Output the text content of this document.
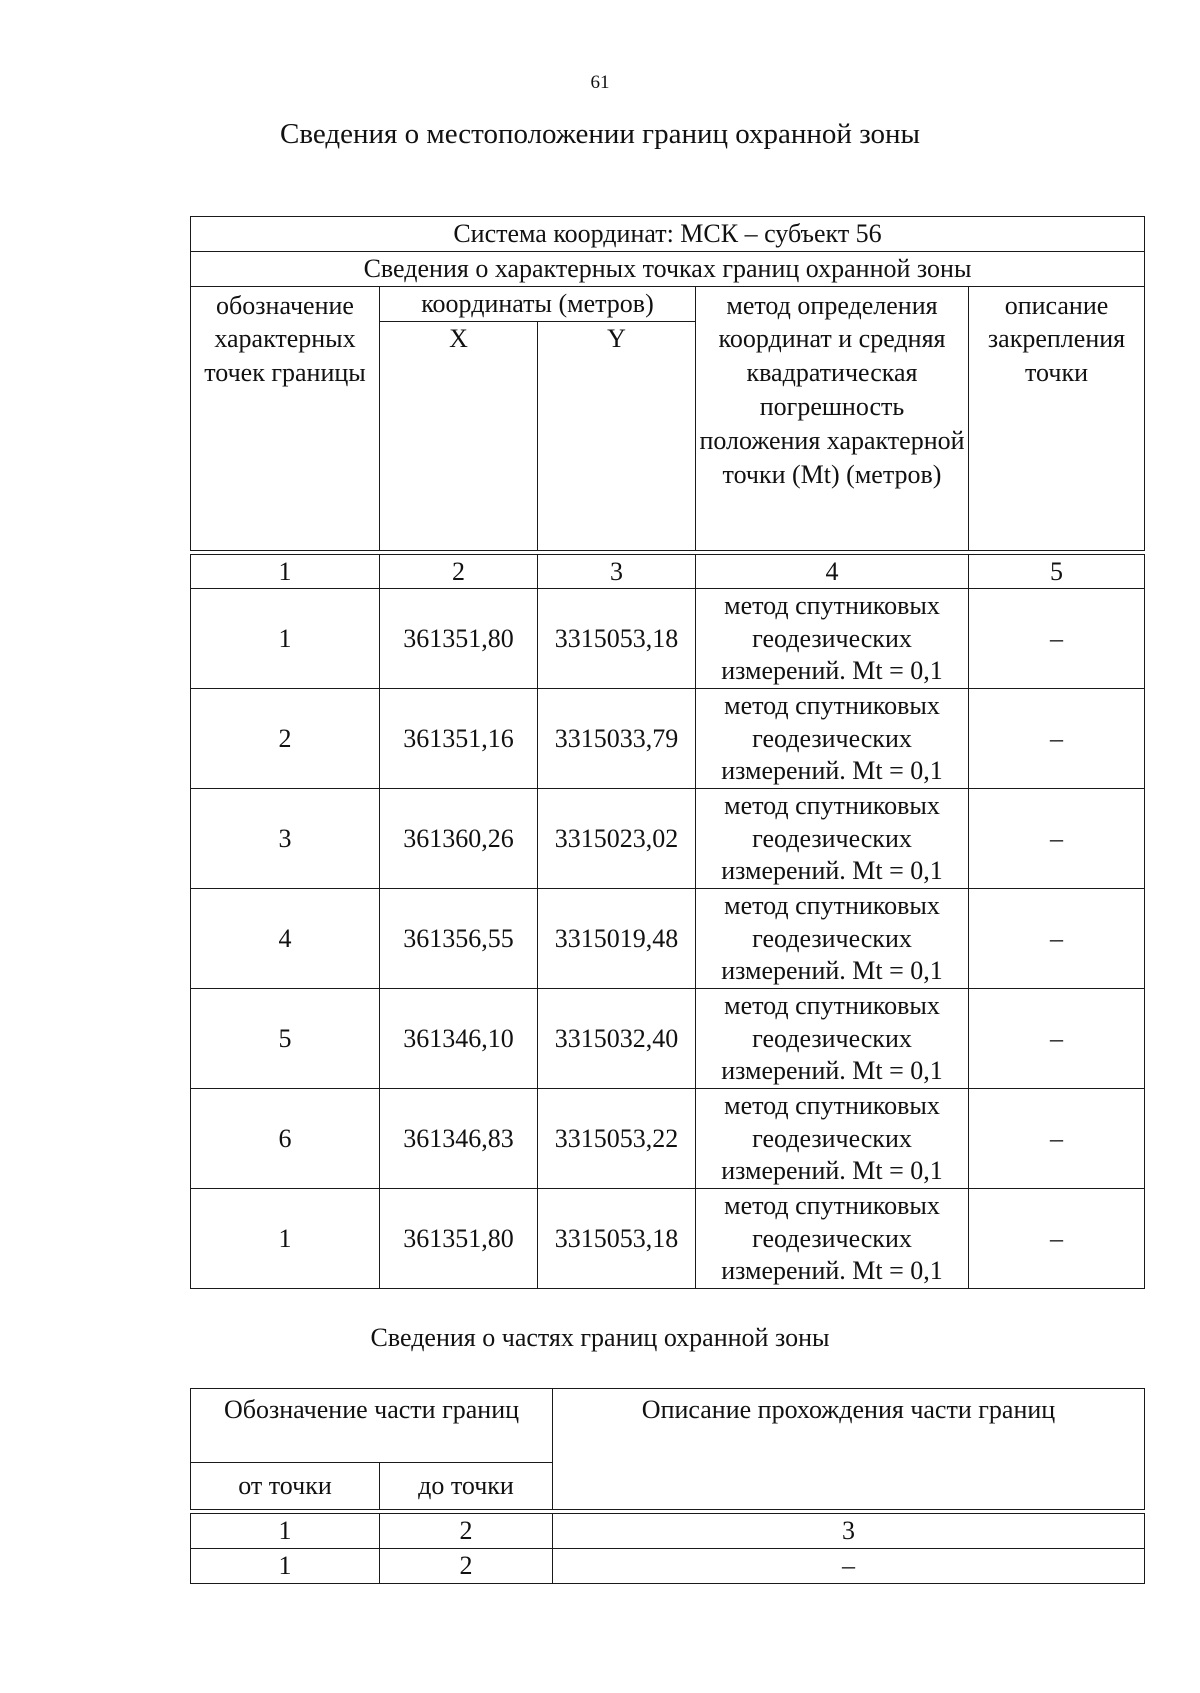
61
Сведения о местоположении границ охранной зоны
Система координат: МСК – субъект 56				
Сведения о характерных точках границ охранной зоны				
обозначение характерных точек границы	координаты (метров)		метод определения координат и средняя квадратическая погрешность положения характерной точки (Mt) (метров)	описание закрепления точки
	X	Y		

1	2	3	4	5
1	361351,80	3315053,18	метод спутниковых геодезических измерений. Mt = 0,1	–
2	361351,16	3315033,79	метод спутниковых геодезических измерений. Mt = 0,1	–
3	361360,26	3315023,02	метод спутниковых геодезических измерений. Mt = 0,1	–
4	361356,55	3315019,48	метод спутниковых геодезических измерений. Mt = 0,1	–
5	361346,10	3315032,40	метод спутниковых геодезических измерений. Mt = 0,1	–
6	361346,83	3315053,22	метод спутниковых геодезических измерений. Mt = 0,1	–
1	361351,80	3315053,18	метод спутниковых геодезических измерений. Mt = 0,1	–
Сведения о частях границ охранной зоны
Обозначение части границ		Описание прохождения части границ
от точки	до точки	

1	2	3
1	2	–
